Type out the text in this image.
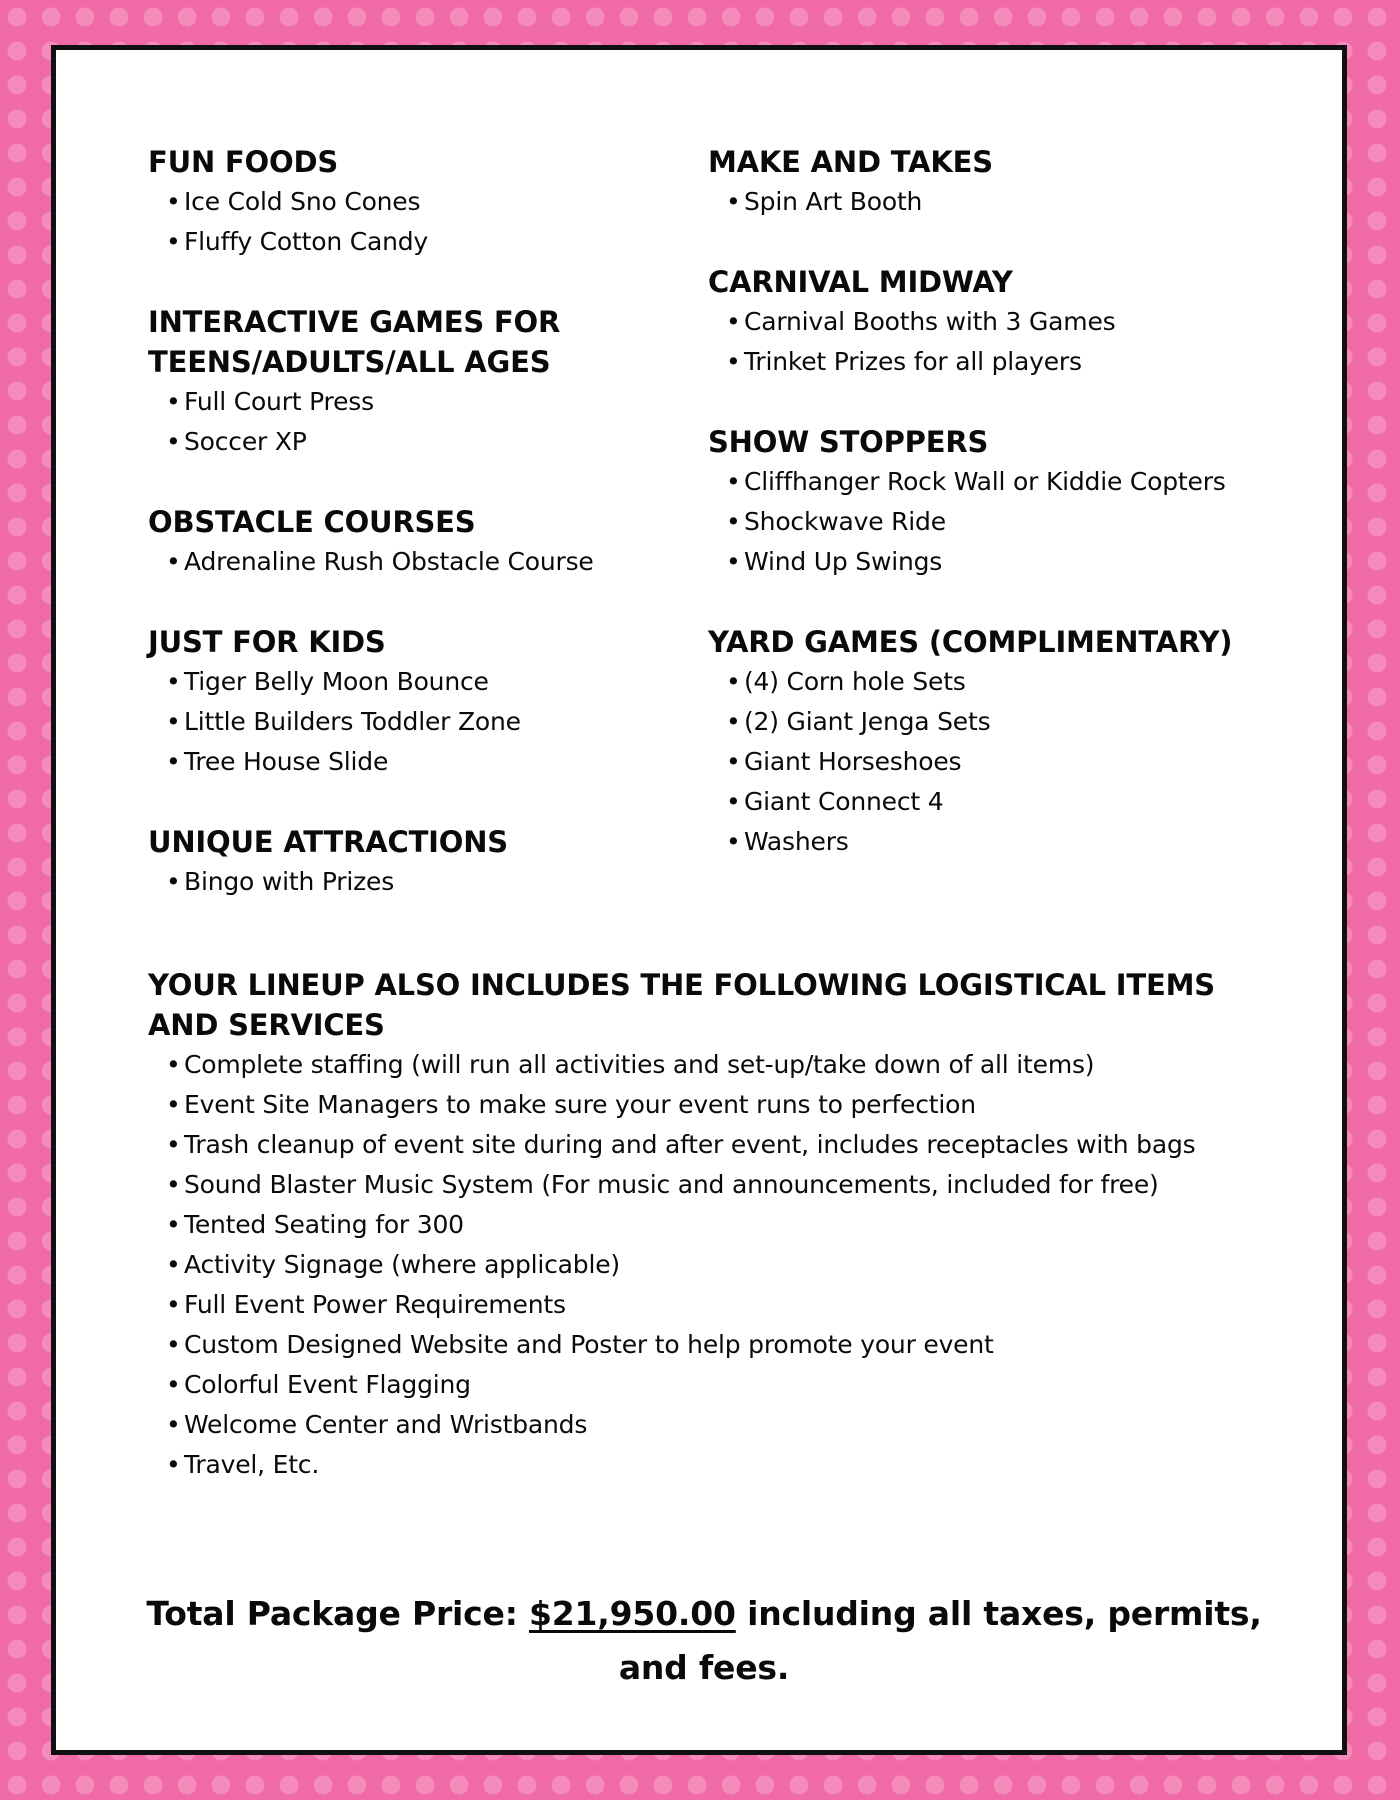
FUN FOODS
• Ice Cold Sno Cones
• Fluffy Cotton Candy
INTERACTIVE GAMES FOR TEENS/ADULTS/ALL AGES
• Full Court Press
• Soccer XP
OBSTACLE COURSES
• Adrenaline Rush Obstacle Course
JUST FOR KIDS
• Tiger Belly Moon Bounce
• Little Builders Toddler Zone
• Tree House Slide
UNIQUE ATTRACTIONS
• Bingo with Prizes
MAKE AND TAKES
• Spin Art Booth
CARNIVAL MIDWAY
• Carnival Booths with 3 Games
• Trinket Prizes for all players
SHOW STOPPERS
• Cliffhanger Rock Wall or Kiddie Copters
• Shockwave Ride
• Wind Up Swings
YARD GAMES (COMPLIMENTARY)
• (4) Corn hole Sets
• (2) Giant Jenga Sets
• Giant Horseshoes
• Giant Connect 4
• Washers
YOUR LINEUP ALSO INCLUDES THE FOLLOWING LOGISTICAL ITEMS AND SERVICES
• Complete staffing (will run all activities and set-up/take down of all items)
• Event Site Managers to make sure your event runs to perfection
• Trash cleanup of event site during and after event, includes receptacles with bags
• Sound Blaster Music System (For music and announcements, included for free)
• Tented Seating for 300
• Activity Signage (where applicable)
• Full Event Power Requirements
• Custom Designed Website and Poster to help promote your event
• Colorful Event Flagging
• Welcome Center and Wristbands
• Travel, Etc.
Total Package Price: $21,950.00 including all taxes, permits, and fees.
